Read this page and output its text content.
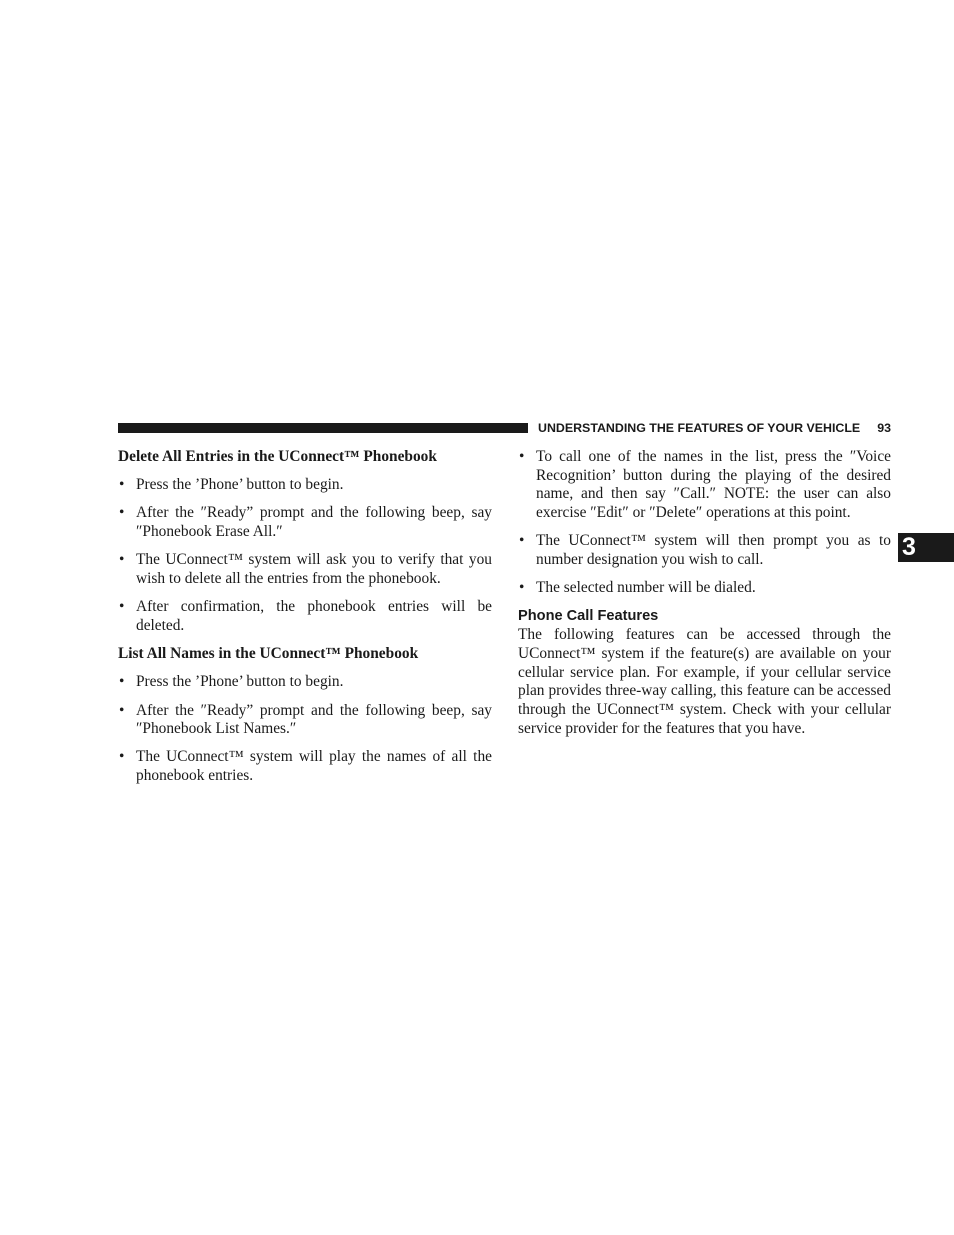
UNDERSTANDING THE FEATURES OF YOUR VEHICLE 93
3
Delete All Entries in the UConnect™ Phonebook
• Press the ’Phone’ button to begin.
• After the ″Ready” prompt and the following beep, say ″Phonebook Erase All.″
• The UConnect™ system will ask you to verify that you wish to delete all the entries from the phonebook.
• After confirmation, the phonebook entries will be deleted.
List All Names in the UConnect™ Phonebook
• Press the ’Phone’ button to begin.
• After the ″Ready” prompt and the following beep, say ″Phonebook List Names.″
• The UConnect™ system will play the names of all the phonebook entries.
• To call one of the names in the list, press the ″Voice Recognition’ button during the playing of the desired name, and then say ″Call.″ NOTE: the user can also exercise ″Edit″ or ″Delete″ operations at this point.
• The UConnect™ system will then prompt you as to number designation you wish to call.
• The selected number will be dialed.
Phone Call Features

The following features can be accessed through the UConnect™ system if the feature(s) are available on your cellular service plan. For example, if your cellular service plan provides three-way calling, this feature can be accessed through the UConnect™ system. Check with your cellular service provider for the features that you have.
